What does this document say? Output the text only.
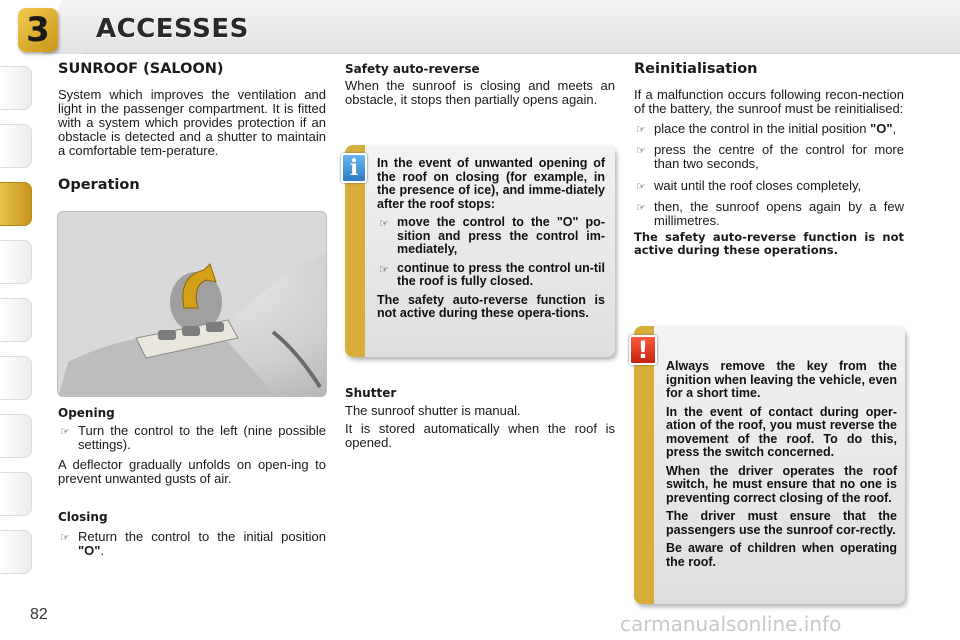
3 ACCESSES
SUNROOF (SALOON)

System which improves the ventilation and light in the passenger compartment. It is fitted with a system which provides protection if an obstacle is detected and a shutter to maintain a comfortable tem-perature.

Operation
Opening
☞ Turn the control to the left (nine possible settings).

A deflector gradually unfolds on open-ing to prevent unwanted gusts of air.

Closing
☞ Return the control to the initial position "O".
Safety auto-reverse

When the sunroof is closing and meets an obstacle, it stops then partially opens again.

In the event of unwanted opening of the roof on closing (for example, in the presence of ice), and imme-diately after the roof stops:

☞ move the control to the "O" po-sition and press the control im-mediately,
☞ continue to press the control un-til the roof is fully closed.

The safety auto-reverse function is not active during these opera-tions.

i
Shutter

The sunroof shutter is manual.

It is stored automatically when the roof is opened.

Reinitialisation

If a malfunction occurs following recon-nection of the battery, the sunroof must be reinitialised:

☞ place the control in the initial position "O",
☞ press the centre of the control for more than two seconds,
☞ wait until the roof closes completely,
☞ then, the sunroof opens again by a few millimetres.

The safety auto-reverse function is not active during these operations.

Always remove the key from the ignition when leaving the vehicle, even for a short time.

In the event of contact during oper-ation of the roof, you must reverse the movement of the roof. To do this, press the switch concerned.

When the driver operates the roof switch, he must ensure that no one is preventing correct closing of the roof.

The driver must ensure that the passengers use the sunroof cor-rectly.

Be aware of children when operating the roof.

!
82	carmanualsonline.info
